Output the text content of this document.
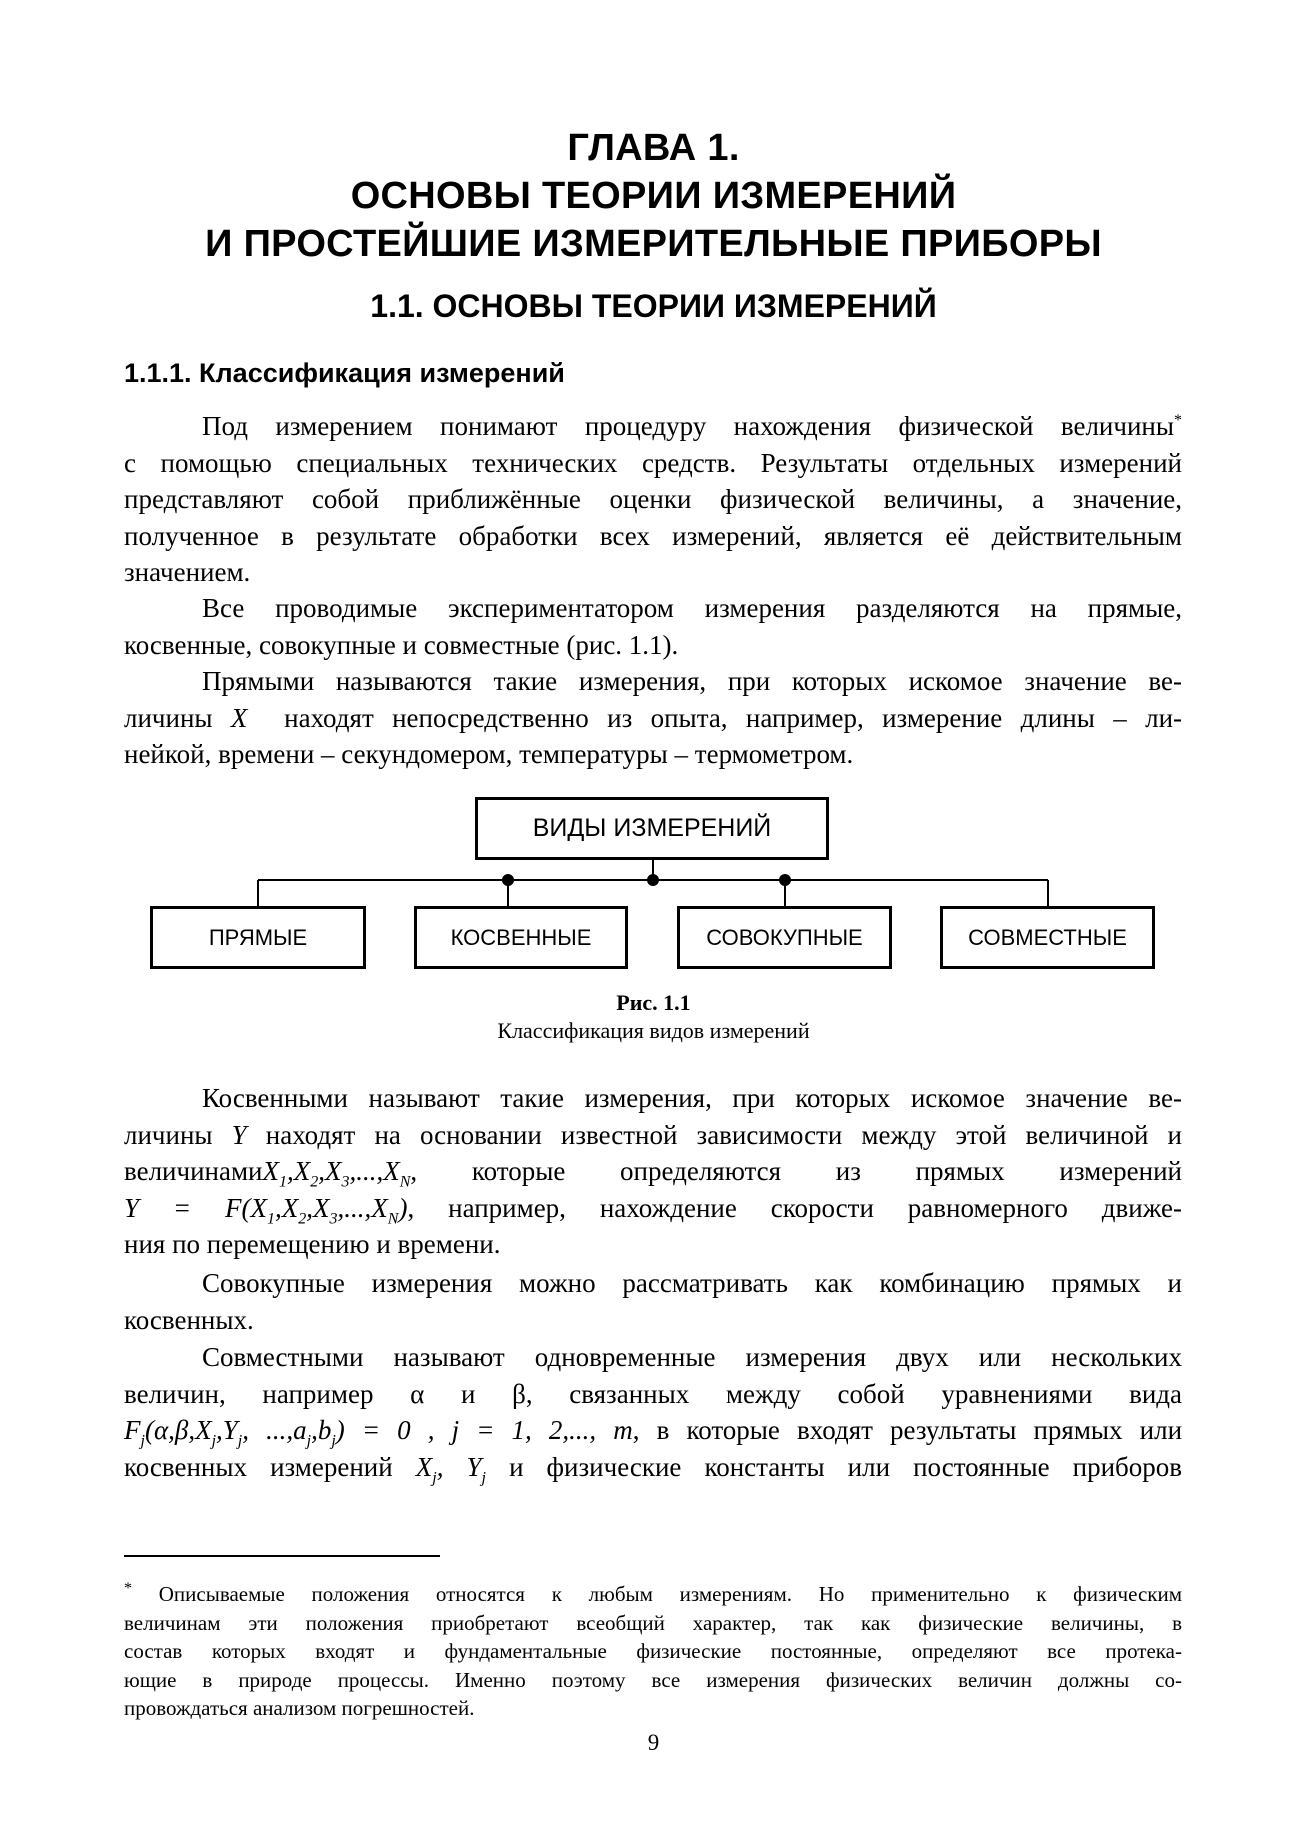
ГЛАВА 1.
ОСНОВЫ ТЕОРИИ ИЗМЕРЕНИЙ
И ПРОСТЕЙШИЕ ИЗМЕРИТЕЛЬНЫЕ ПРИБОРЫ
1.1. ОСНОВЫ ТЕОРИИ ИЗМЕРЕНИЙ
1.1.1. Классификация измерений
Под измерением понимают процедуру нахождения физической величины*
с помощью специальных технических средств. Результаты отдельных измерений
представляют собой приближённые оценки физической величины, а значение,
полученное в результате обработки всех измерений, является её действительным
значением.
Все проводимые экспериментатором измерения разделяются на прямые,
косвенные, совокупные и совместные (рис. 1.1).
Прямыми называются такие измерения, при которых искомое значение ве-
личины X находят непосредственно из опыта, например, измерение длины – ли-
нейкой, времени – секундомером, температуры – термометром.
ВИДЫ ИЗМЕРЕНИЙ
ПРЯМЫЕ	КОСВЕННЫЕ	СОВОКУПНЫЕ	СОВМЕСТНЫЕ
Рис. 1.1
Классификация видов измерений
Косвенными называют такие измерения, при которых искомое значение ве-
личины Y находят на основании известной зависимости между этой величиной и
$величинамиX_1,X_2,X_3,...,X_N$, которые определяются из прямых измерений
$Y = F(X_1,X_2,X_3,...,X_N)$, например, нахождение скорости равномерного движе-
ния по перемещению и времени.
Совокупные измерения можно рассматривать как комбинацию прямых и
косвенных.
Совместными называют одновременные измерения двух или нескольких
величин, например α и β, связанных между собой уравнениями вида
$F_j(\alpha,\beta,X_j,Y_j$, $...,a_j,b_j) = 0$ , j = 1, 2,..., m, в которые входят результаты прямых или
косвенных измерений $X_j$, $Y_j$ и физические константы или постоянные приборов
* Описываемые положения относятся к любым измерениям. Но применительно к физическим
величинам эти положения приобретают всеобщий характер, так как физические величины, в
состав которых входят и фундаментальные физические постоянные, определяют все протека-
ющие в природе процессы. Именно поэтому все измерения физических величин должны со-
провождаться анализом погрешностей.
9
